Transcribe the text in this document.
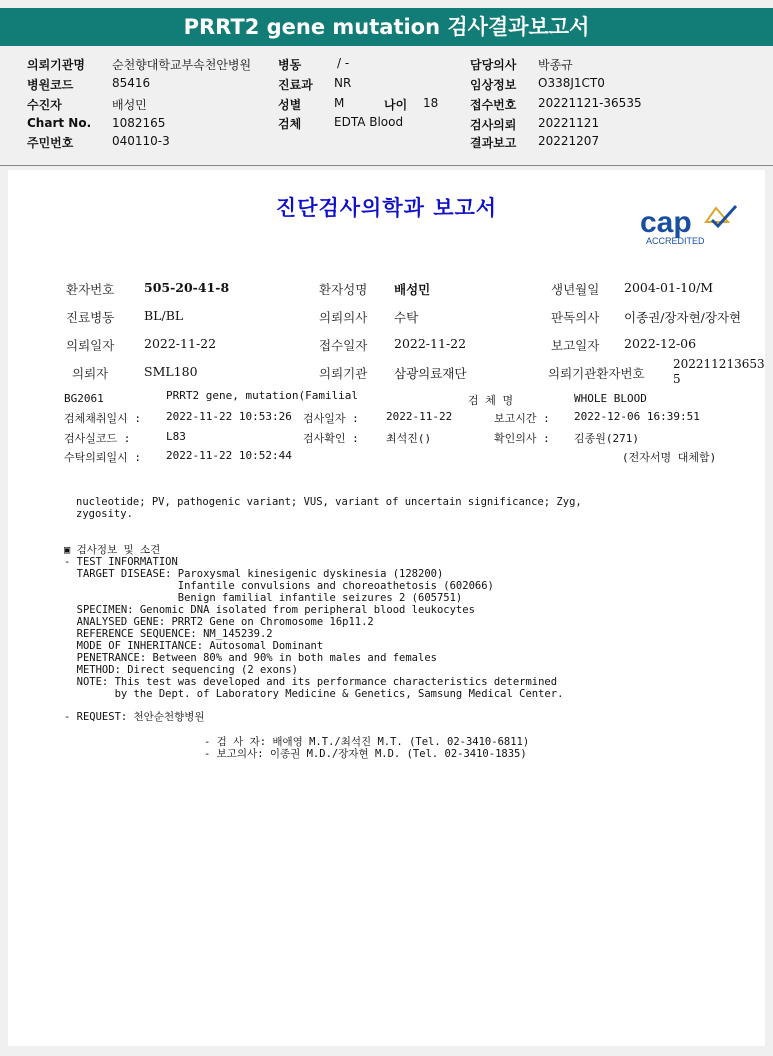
PRRT2 gene mutation 검사결과보고서
의뢰기관명 순천향대학교부속천안병원
병원코드	85416
수진자	배성민
Chart No. 1082165
주민번호	040110-3
병동	/ -
진료과 NR
성별	M	나이 18
검체	EDTA Blood
담당의사 박종규
임상정보 O338J1CT0
접수번호 20221121-36535
검사의뢰 20221121
결과보고 20221207
진단검사의학과 보고서	cap
ACCREDITED
환자번호 505-20-41-8	환자성명 배성민	생년월일 2004-01-10/M
진료병동 BL/BL	의뢰의사 수탁	판독의사 이종권/장자현/장자현
의뢰일자 2022-11-22	접수일자 2022-11-22	보고일자 2022-12-06
의뢰자	SML180	의뢰기관 삼광의료재단	의뢰기관환자번호
202211213653
5
BG2061	PRRT2 gene, mutation(Familial	검 체 명	WHOLE BLOOD
검체채취일시 : 2022-11-22 10:53:26 검사일자 : 2022-11-22	보고시간 : 2022-12-06 16:39:51
검사실코드 :	L83	검사확인 : 최석진()	확인의사 : 김종원(271)
수탁의뢰일시 : 2022-11-22 10:52:44	(전자서명 대체함)
nucleotide; PV, pathogenic variant; VUS, variant of uncertain significance; Zyg,
zygosity.
▣ 검사정보 및 소견
- TEST INFORMATION
TARGET DISEASE: Paroxysmal kinesigenic dyskinesia (128200)
Infantile convulsions and choreoathetosis (602066)
Benign familial infantile seizures 2 (605751)
SPECIMEN: Genomic DNA isolated from peripheral blood leukocytes
ANALYSED GENE: PRRT2 Gene on Chromosome 16p11.2
REFERENCE SEQUENCE: NM_145239.2
MODE OF INHERITANCE: Autosomal Dominant
PENETRANCE: Between 80% and 90% in both males and females
METHOD: Direct sequencing (2 exons)
NOTE: This test was developed and its performance characteristics determined
by the Dept. of Laboratory Medicine & Genetics, Samsung Medical Center.
- REQUEST: 천안순천향병원
- 검 사 자: 배애영 M.T./최석진 M.T. (Tel. 02-3410-6811)
- 보고의사: 이종권 M.D./장자현 M.D. (Tel. 02-3410-1835)
